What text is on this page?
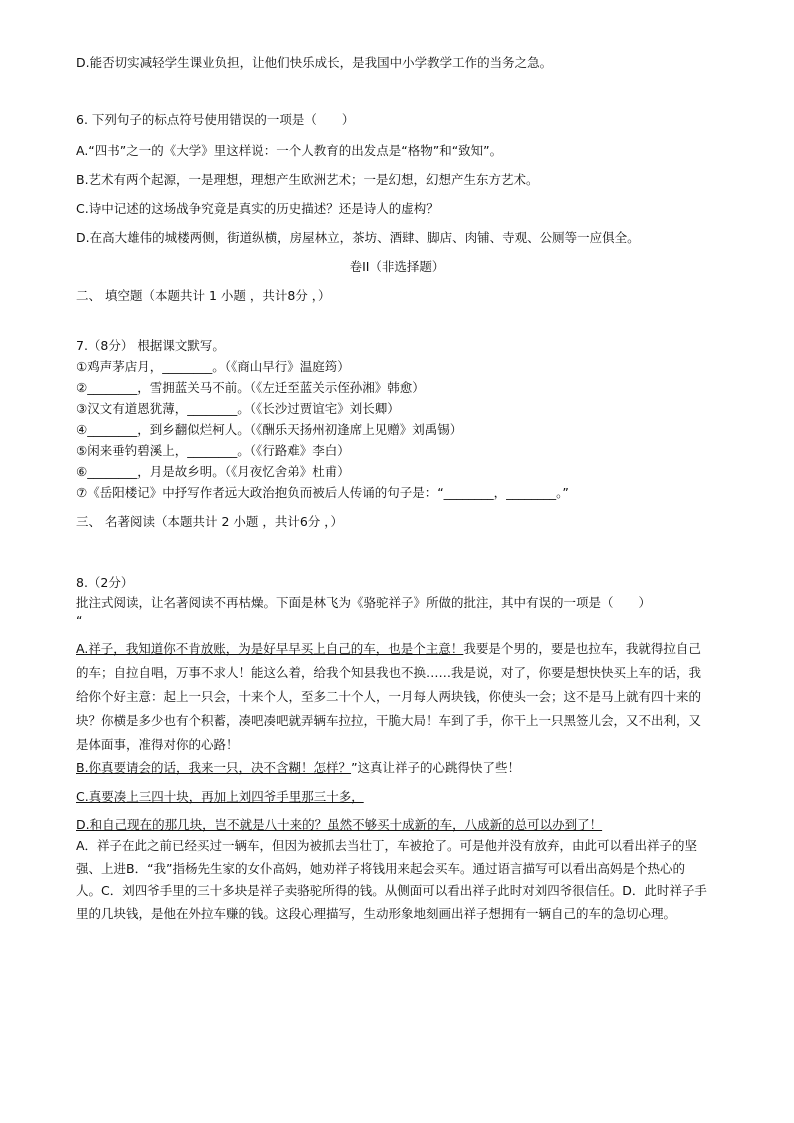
D.能否切实减轻学生课业负担，让他们快乐成长，是我国中小学教学工作的当务之急。
6. 下列句子的标点符号使用错误的一项是（　　）
A.“四书”之一的《大学》里这样说：一个人教育的出发点是“格物”和“致知”。
B.艺术有两个起源，一是理想，理想产生欧洲艺术；一是幻想，幻想产生东方艺术。
C.诗中记述的这场战争究竟是真实的历史描述？还是诗人的虚构？
D.在高大雄伟的城楼两侧，街道纵横，房屋林立，茶坊、酒肆、脚店、肉铺、寺观、公厕等一应俱全。
卷II（非选择题）
二、 填空题（本题共计 1 小题 ，共计8分 ，）
7.（8分） 根据课文默写。
①鸡声茅店月，________。（《商山早行》温庭筠）
②________，雪拥蓝关马不前。（《左迁至蓝关示侄孙湘》韩愈）
③汉文有道恩犹薄，________。（《长沙过贾谊宅》刘长卿）
④________，到乡翻似烂柯人。（《酬乐天扬州初逢席上见赠》刘禹锡）
⑤闲来垂钓碧溪上，________。（《行路难》李白）
⑥________，月是故乡明。（《月夜忆舍弟》杜甫）
⑦《岳阳楼记》中抒写作者远大政治抱负而被后人传诵的句子是：“________，________。”
三、 名著阅读（本题共计 2 小题 ，共计6分 ，）
8.（2分）
批注式阅读，让名著阅读不再枯燥。下面是林飞为《骆驼祥子》所做的批注，其中有误的一项是（　　）
“
A.祥子，我知道你不肯放账，为是好早早买上自己的车，也是个主意！我要是个男的，要是也拉车，我就得拉自己的车；自拉自唱，万事不求人！能这么着，给我个知县我也不换……我是说，对了，你要是想快快买上车的话，我给你个好主意：起上一只会，十来个人，至多二十个人，一月每人两块钱，你使头一会；这不是马上就有四十来的块？你横是多少也有个积蓄，凑吧凑吧就弄辆车拉拉，干脆大局！车到了手，你干上一只黑签儿会，又不出利，又是体面事，准得对你的心路！
B.你真要请会的话，我来一只，决不含糊！怎样？”这真让祥子的心跳得快了些！
C.真要凑上三四十块，再加上刘四爷手里那三十多，
D.和自己现在的那几块，岂不就是八十来的？虽然不够买十成新的车，八成新的总可以办到了！
A．祥子在此之前已经买过一辆车，但因为被抓去当壮丁，车被抢了。可是他并没有放弃，由此可以看出祥子的坚强、上进B．“我”指杨先生家的女仆高妈，她劝祥子将钱用来起会买车。通过语言描写可以看出高妈是个热心的人。C．刘四爷手里的三十多块是祥子卖骆驼所得的钱。从侧面可以看出祥子此时对刘四爷很信任。D．此时祥子手里的几块钱，是他在外拉车赚的钱。这段心理描写，生动形象地刻画出祥子想拥有一辆自己的车的急切心理。
